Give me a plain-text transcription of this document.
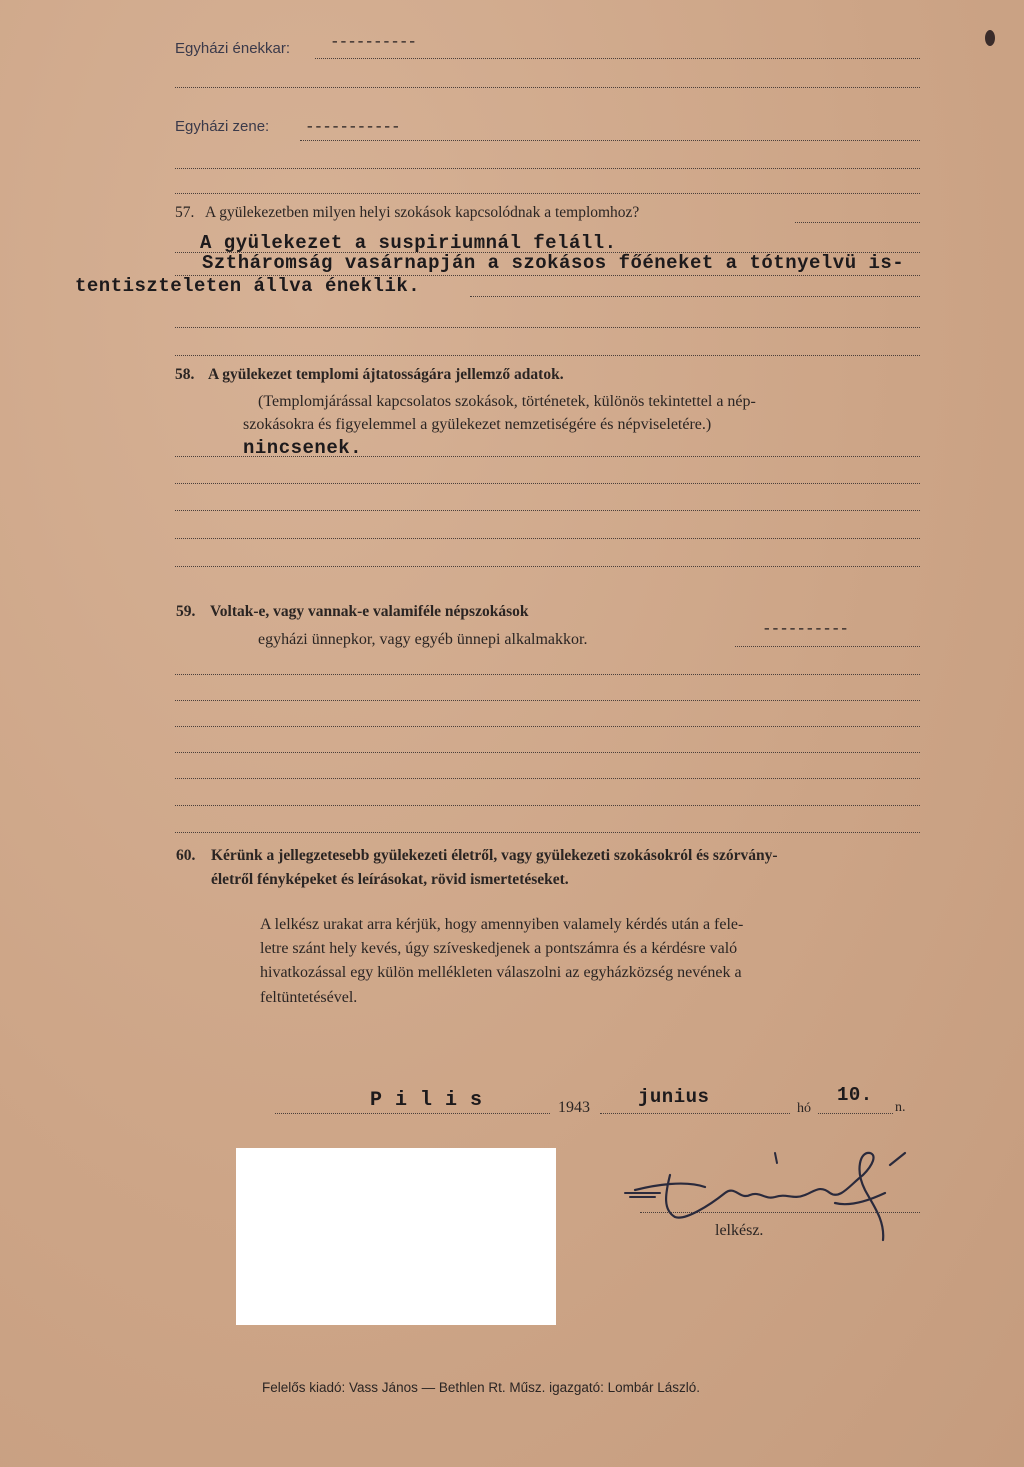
Egyházi énekkar: ----------
Egyházi zene: -----------
57. A gyülekezetben milyen helyi szokások kapcsolódnak a templomhoz?
A gyülekezet a suspiriumnál feláll.
Sztháromság vasárnapján a szokásos főéneket a tótnyelvü is-
tentiszteleten állva éneklik.
58. A gyülekezet templomi ájtatosságára jellemző adatok.
(Templomjárással kapcsolatos szokások, történetek, különös tekintettel a nép-
szokásokra és figyelemmel a gyülekezet nemzetiségére és népviseletére.)
nincsenek.
59. Voltak-e, vagy vannak-e valamiféle népszokások
egyházi ünnepkor, vagy egyéb ünnepi alkalmakkor.
----------
60. Kérünk a jellegzetesebb gyülekezeti életről, vagy gyülekezeti szokásokról és szórvány-
életről fényképeket és leírásokat, rövid ismertetéseket.
A lelkész urakat arra kérjük, hogy amennyiben valamely kérdés után a fele-
letre szánt hely kevés, úgy szíveskedjenek a pontszámra és a kérdésre való
hivatkozással egy külön mellékleten válaszolni az egyházközség nevének a
feltüntetésével.
P i l i s	1943	junius
hó
10.
n.
lelkész.
Felelős kiadó: Vass János — Bethlen Rt. Műsz. igazgató: Lombár László.
